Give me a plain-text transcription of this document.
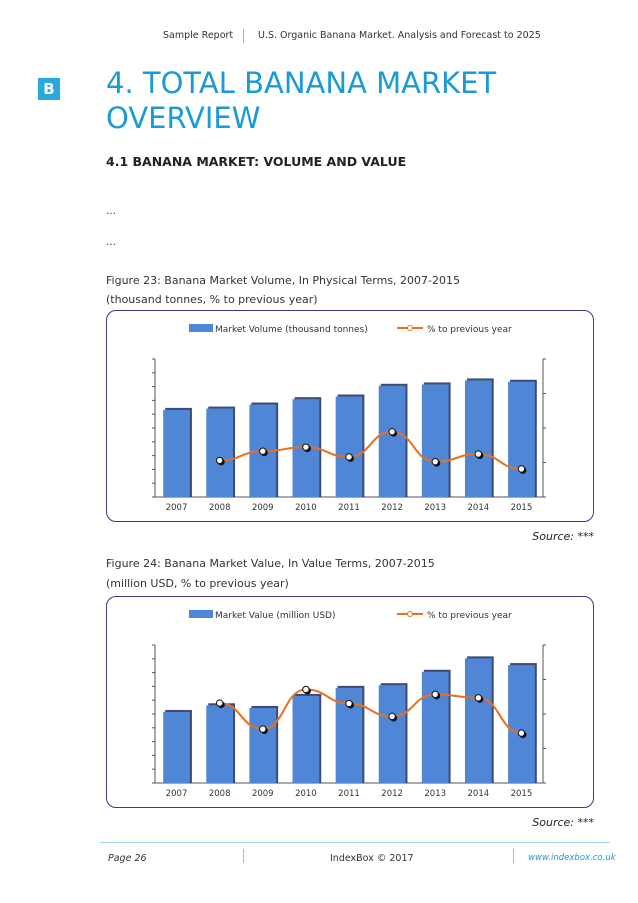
Sample Report	U.S. Organic Banana Market. Analysis and Forecast to 2025
B 4. TOTAL BANANA MARKET OVERVIEW
4.1 BANANA MARKET: VOLUME AND VALUE
…
…
Figure 23: Banana Market Volume, In Physical Terms, 2007-2015
(thousand tonnes, % to previous year)
Market Volume (thousand tonnes)	% to previous year
2007	2008	2009	2010	2011	2012	2013	2014	2015
Source: ***
Figure 24: Banana Market Value, In Value Terms, 2007-2015
(million USD, % to previous year)
Market Value (million USD)	% to previous year
2007	2008	2009	2010	2011	2012	2013	2014	2015
Source: ***
Page 26	IndexBox © 2017	www.indexbox.co.uk
